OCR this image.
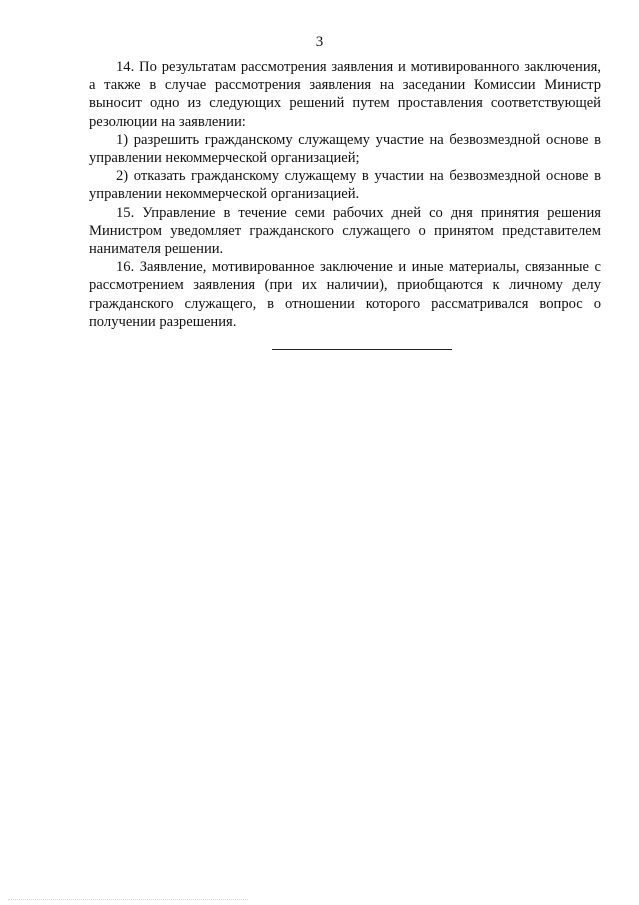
3

14. По результатам рассмотрения заявления и мотивированного заключения, а также в случае рассмотрения заявления на заседании Комиссии Министр выносит одно из следующих решений путем проставления соответствующей резолюции на заявлении:

1) разрешить гражданскому служащему участие на безвозмездной основе в управлении некоммерческой организацией;

2) отказать гражданскому служащему в участии на безвозмездной основе в управлении некоммерческой организацией.

15. Управление в течение семи рабочих дней со дня принятия решения Министром уведомляет гражданского служащего о принятом представителем нанимателя решении.

16. Заявление, мотивированное заключение и иные материалы, связанные с рассмотрением заявления (при их наличии), приобщаются к личному делу гражданского служащего, в отношении которого рассматривался вопрос о получении разрешения.
